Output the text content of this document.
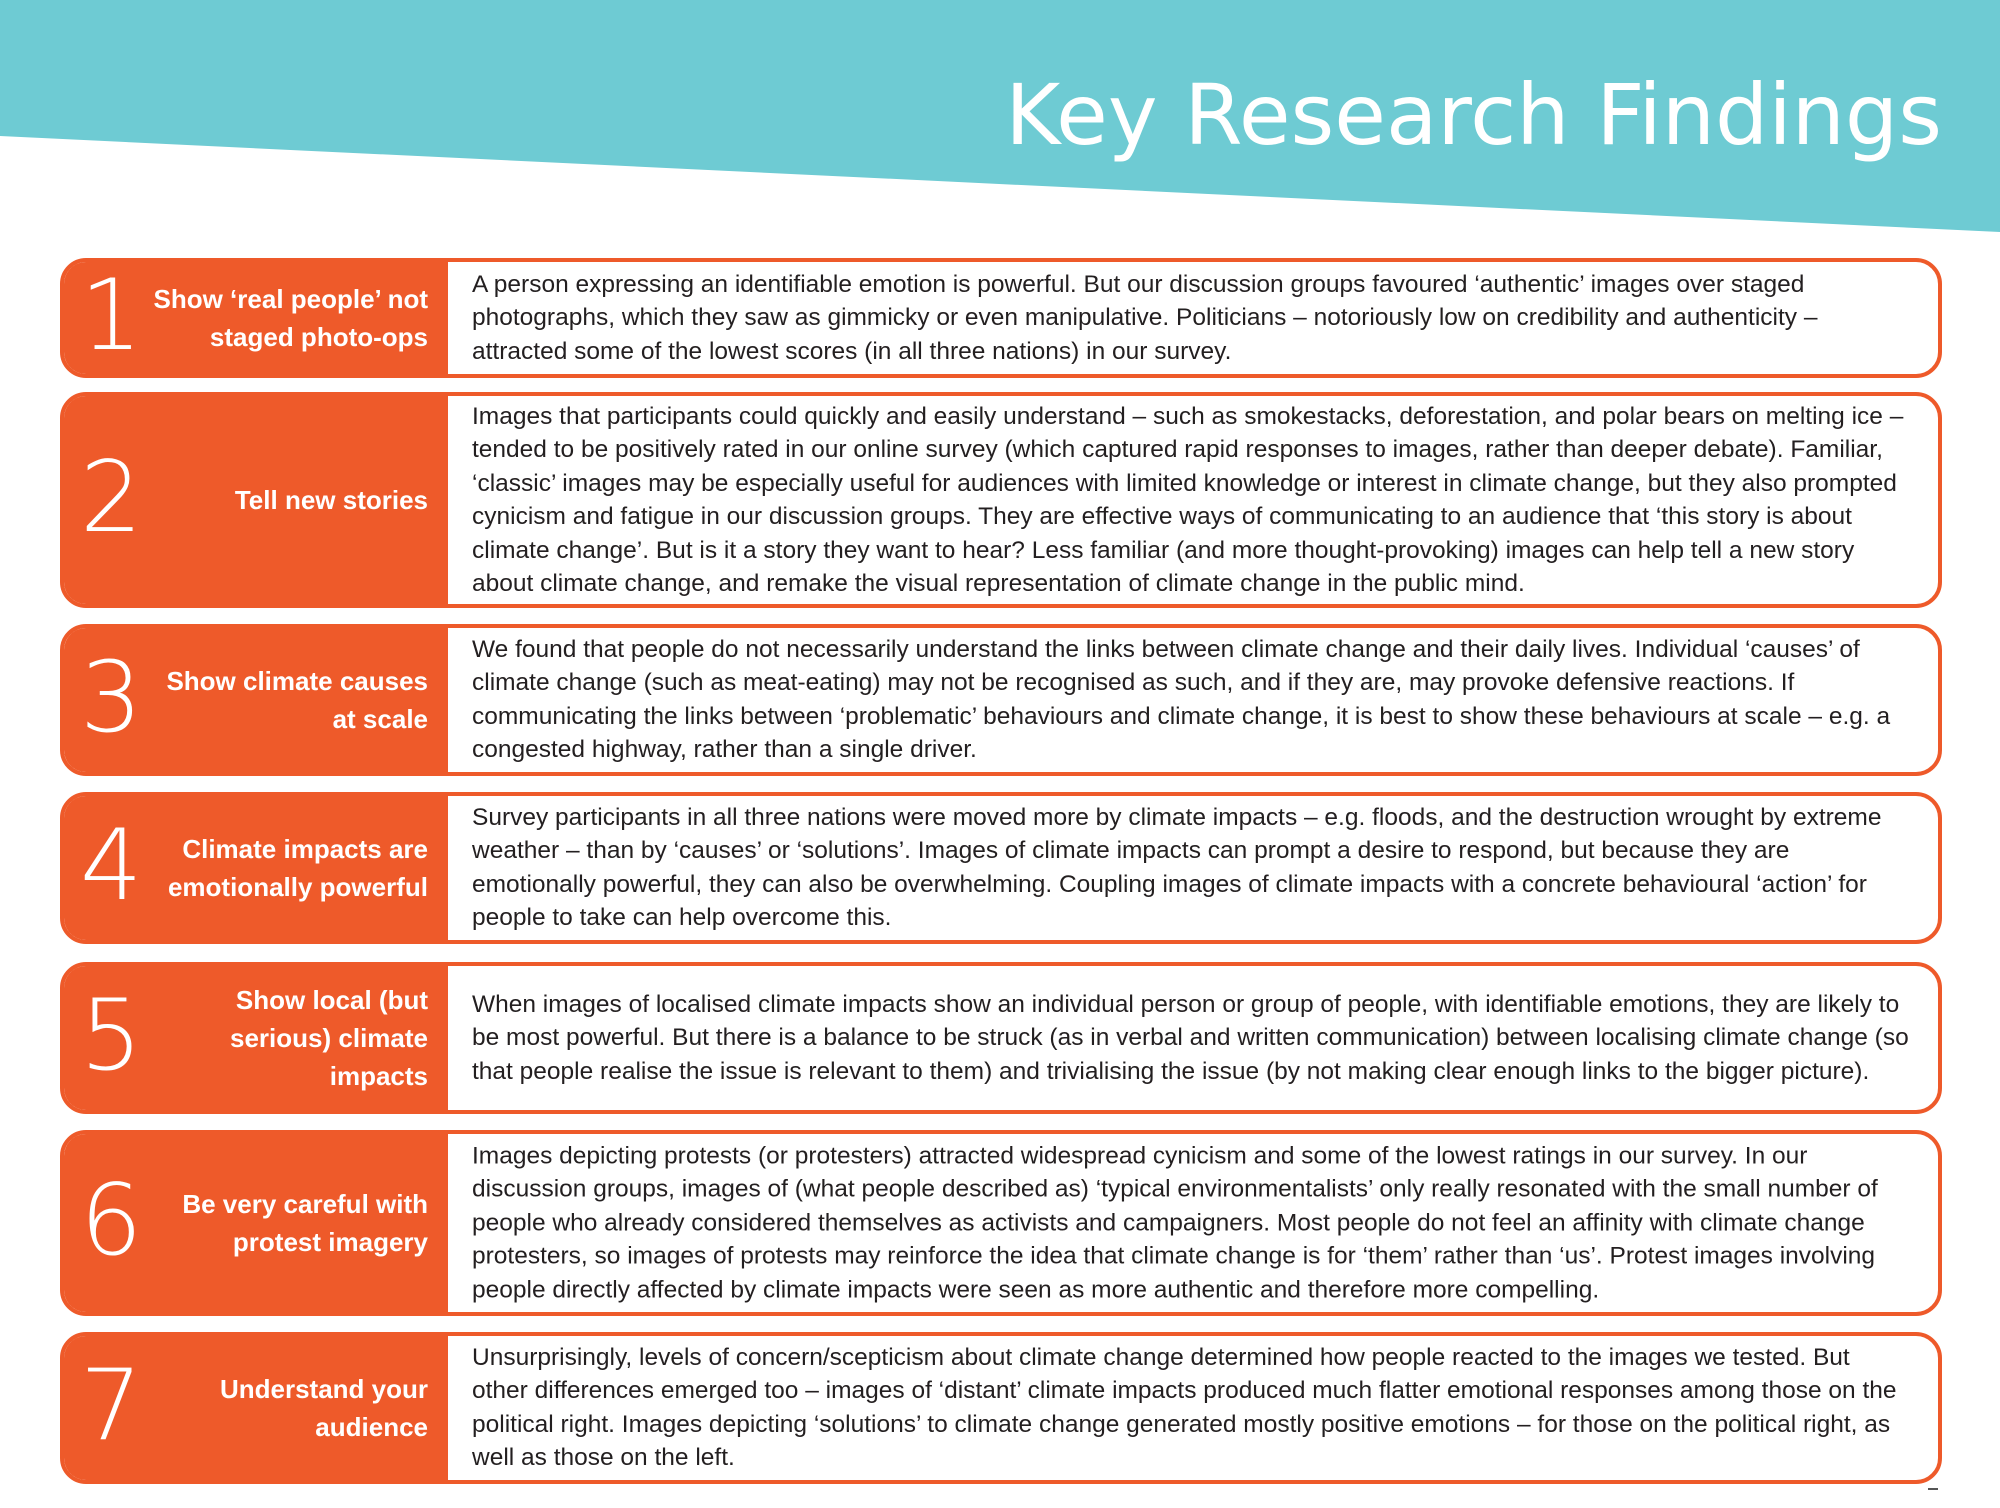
Key Research Findings
1 Show ‘real people’ not staged photo-ops
A person expressing an identifiable emotion is powerful. But our discussion groups favoured ‘authentic’ images over staged photographs, which they saw as gimmicky or even manipulative. Politicians – notoriously low on credibility and authenticity – attracted some of the lowest scores (in all three nations) in our survey.
2	Tell new stories
Images that participants could quickly and easily understand – such as smokestacks, deforestation, and polar bears on melting ice – tended to be positively rated in our online survey (which captured rapid responses to images, rather than deeper debate). Familiar, ‘classic’ images may be especially useful for audiences with limited knowledge or interest in climate change, but they also prompted cynicism and fatigue in our discussion groups. They are effective ways of communicating to an audience that ‘this story is about climate change’. But is it a story they want to hear? Less familiar (and more thought-provoking) images can help tell a new story about climate change, and remake the visual representation of climate change in the public mind.
3 Show climate causes at scale
We found that people do not necessarily understand the links between climate change and their daily lives. Individual ‘causes’ of climate change (such as meat-eating) may not be recognised as such, and if they are, may provoke defensive reactions. If communicating the links between ‘problematic’ behaviours and climate change, it is best to show these behaviours at scale – e.g. a congested highway, rather than a single driver.
4	Climate impacts are emotionally powerful
Survey participants in all three nations were moved more by climate impacts – e.g. floods, and the destruction wrought by extreme weather – than by ‘causes’ or ‘solutions’. Images of climate impacts can prompt a desire to respond, but because they are emotionally powerful, they can also be overwhelming. Coupling images of climate impacts with a concrete behavioural ‘action’ for people to take can help overcome this.
5	Show local (but serious) climate impacts
When images of localised climate impacts show an individual person or group of people, with identifiable emotions, they are likely to be most powerful. But there is a balance to be struck (as in verbal and written communication) between localising climate change (so that people realise the issue is relevant to them) and trivialising the issue (by not making clear enough links to the bigger picture).
6	Be very careful with protest imagery
Images depicting protests (or protesters) attracted widespread cynicism and some of the lowest ratings in our survey. In our discussion groups, images of (what people described as) ‘typical environmentalists’ only really resonated with the small number of people who already considered themselves as activists and campaigners. Most people do not feel an affinity with climate change protesters, so images of protests may reinforce the idea that climate change is for ‘them’ rather than ‘us’. Protest images involving people directly affected by climate impacts were seen as more authentic and therefore more compelling.
7	Understand your audience
Unsurprisingly, levels of concern/scepticism about climate change determined how people reacted to the images we tested. But other differences emerged too – images of ‘distant’ climate impacts produced much flatter emotional responses among those on the political right. Images depicting ‘solutions’ to climate change generated mostly positive emotions – for those on the political right, as well as those on the left.
